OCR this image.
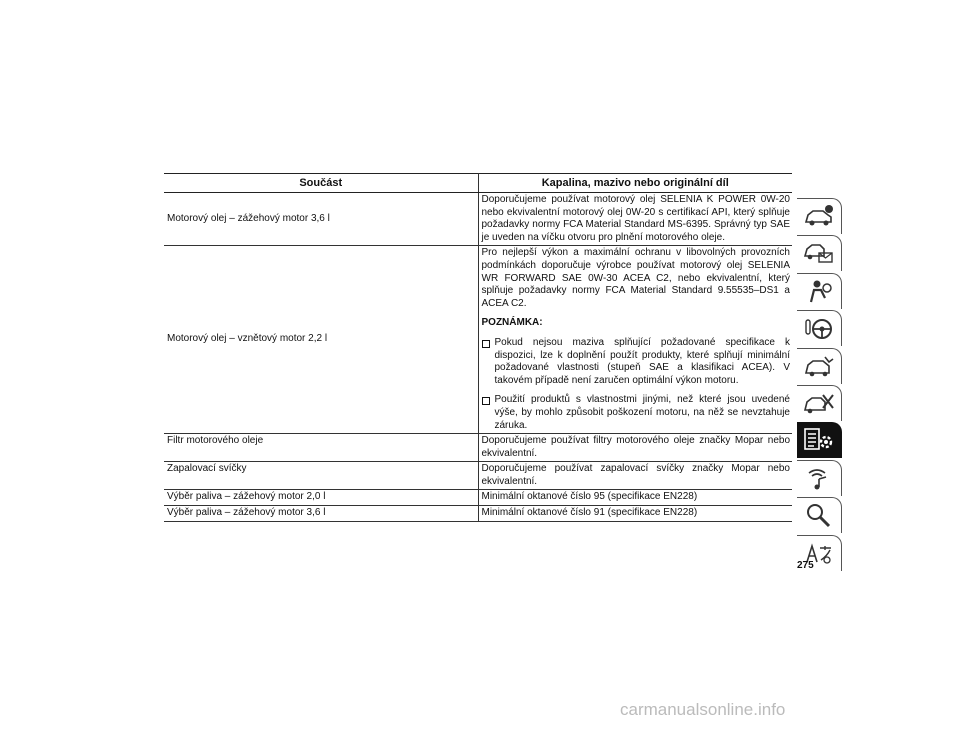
Součást	Kapalina, mazivo nebo originální díl
Motorový olej – zážehový motor 3,6 l	Doporučujeme používat motorový olej SELENIA K POWER 0W-20 nebo ekvivalentní motorový olej 0W-20 s certifikací API, který splňuje požadavky normy FCA Material Standard MS-6395. Správný typ SAE je uveden na víčku otvoru pro plnění motorového oleje.
Motorový olej – vznětový motor 2,2 l	Pro nejlepší výkon a maximální ochranu v libovolných provozních podmínkách doporučuje výrobce používat motorový olej SELENIA WR FORWARD SAE 0W-30 ACEA C2, nebo ekvivalentní, který splňuje požadavky normy FCA Material Standard 9.55535–DS1 a ACEA C2.

POZNÁMKA:
Pokud nejsou maziva splňující požadované specifikace k dispozici, lze k doplnění použít produkty, které splňují minimální požadované vlastnosti (stupeň SAE a klasifikaci ACEA). V takovém případě není zaručen optimální výkon motoru.
Použití produktů s vlastnostmi jinými, než které jsou uvedené výše, by mohlo způsobit poškození motoru, na něž se nevztahuje záruka.

Filtr motorového oleje	Doporučujeme používat filtry motorového oleje značky Mopar nebo ekvivalentní.
Zapalovací svíčky	Doporučujeme používat zapalovací svíčky značky Mopar nebo ekvivalentní.
Výběr paliva – zážehový motor 2,0 l	Minimální oktanové číslo 95 (specifikace EN228)
Výběr paliva – zážehový motor 3,6 l	Minimální oktanové číslo 91 (specifikace EN228)
275
carmanualsonline.info
